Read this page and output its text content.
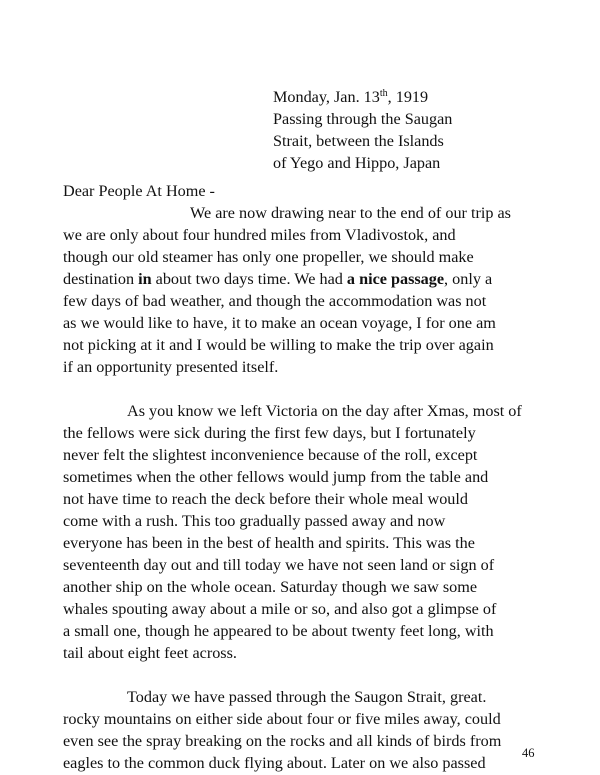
Monday, Jan. 13th, 1919
Passing through the Saugan
Strait, between the Islands
of Yego and Hippo, Japan
Dear People At Home -
We are now drawing near to the end of our trip as
we are only about four hundred miles from Vladivostok, and
though our old steamer has only one propeller, we should make
destination in about two days time. We had a nice passage, only a
few days of bad weather, and though the accommodation was not
as we would like to have, it to make an ocean voyage, I for one am
not picking at it and I would be willing to make the trip over again
if an opportunity presented itself.
As you know we left Victoria on the day after Xmas, most of
the fellows were sick during the first few days, but I fortunately
never felt the slightest inconvenience because of the roll, except
sometimes when the other fellows would jump from the table and
not have time to reach the deck before their whole meal would
come with a rush. This too gradually passed away and now
everyone has been in the best of health and spirits. This was the
seventeenth day out and till today we have not seen land or sign of
another ship on the whole ocean. Saturday though we saw some
whales spouting away about a mile or so, and also got a glimpse of
a small one, though he appeared to be about twenty feet long, with
tail about eight feet across.
Today we have passed through the Saugon Strait, great.
rocky mountains on either side about four or five miles away, could
even see the spray breaking on the rocks and all kinds of birds from
eagles to the common duck flying about. Later on we also passed
46
